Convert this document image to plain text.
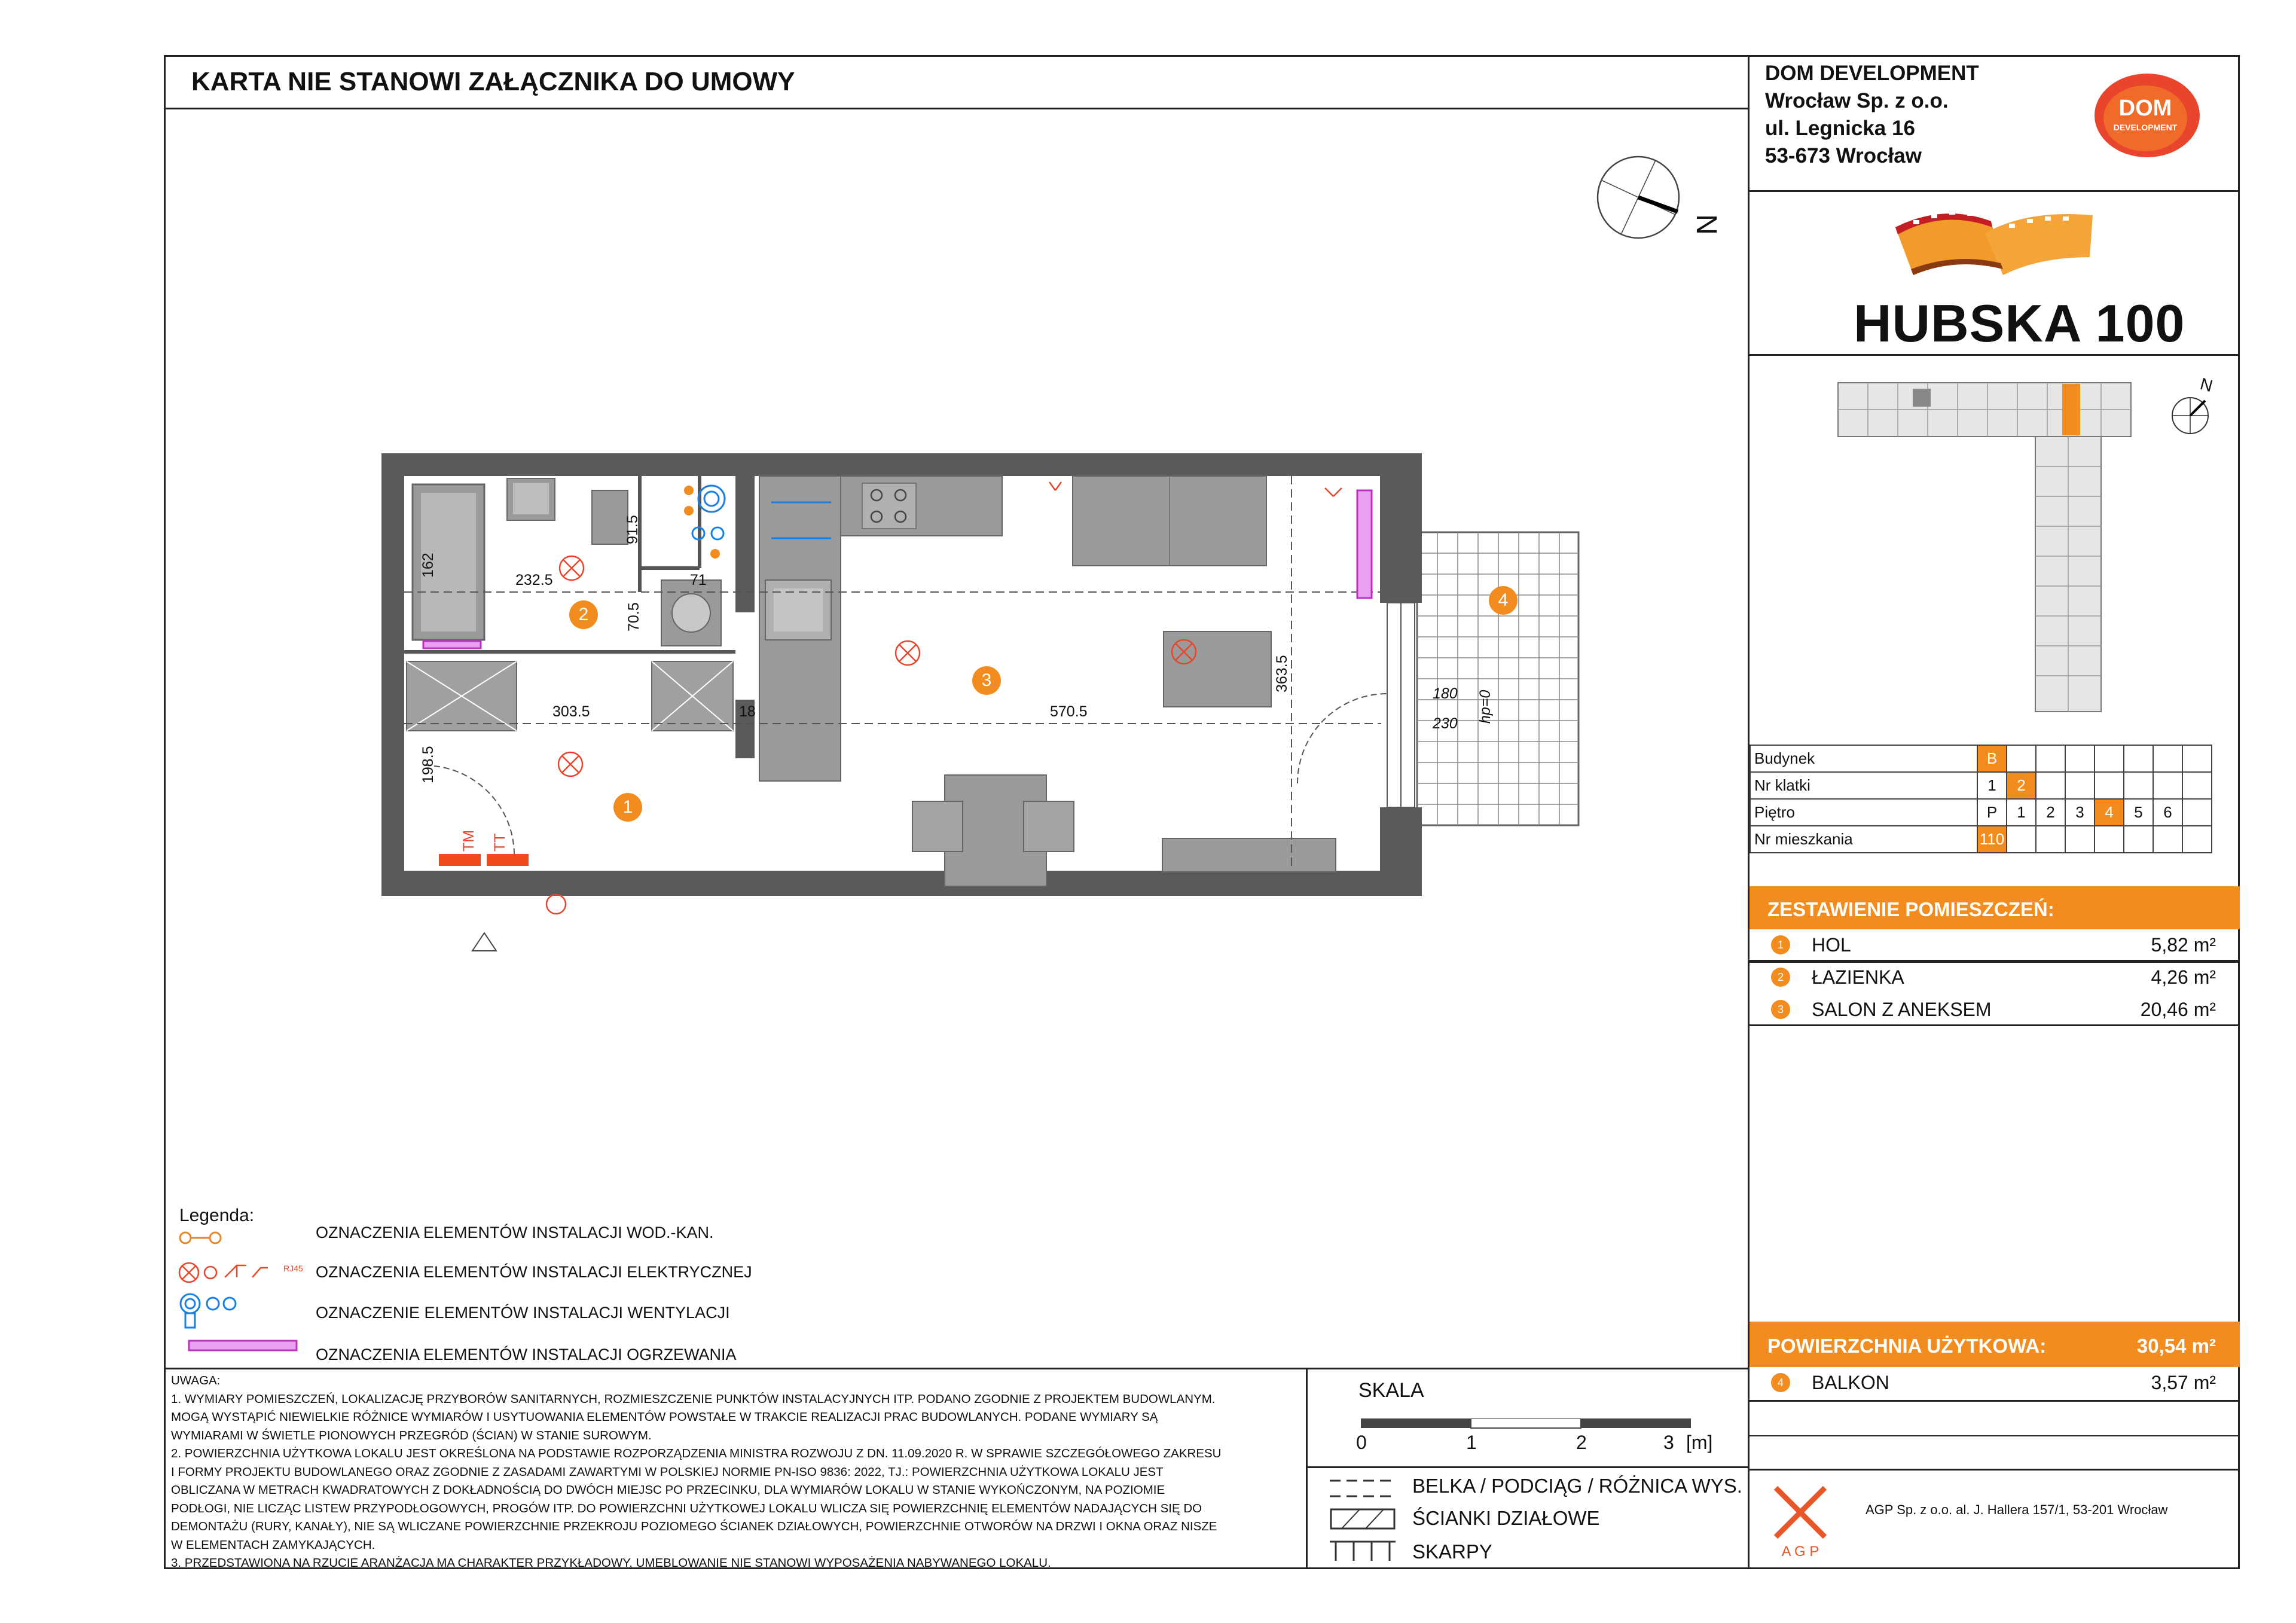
KARTA NIE STANOWI ZAŁĄCZNIKA DO UMOWY	DOM DEVELOPMENT
Wrocław Sp. z o.o.
ul. Legnicka 16
53-673 Wrocław
DOM
DEVELOPMENT
HUBSKA 100
N
Budynek	B							
Nr klatki	1	2						
Piętro	P	1	2	3	4	5	6	
Nr mieszkania	110							
ZESTAWIENIE POMIESZCZEŃ:
1	HOL	5,82 m²
2	ŁAZIENKA	4,26 m²
3	SALON Z ANEKSEM	20,46 m²
POWIERZCHNIA UŻYTKOWA:	30,54 m²
4	BALKON	3,57 m²
A G P
AGP Sp. z o.o. al. J. Hallera 157/1, 53-201 Wrocław
N
232.5	71
303.5	18	570.5
162
91.5
70.5
363.5
198.5
180
230 hp=0
TM TT
1
2
3
4
Legenda:
RJ45
OZNACZENIA ELEMENTÓW INSTALACJI WOD.-KAN.
OZNACZENIA ELEMENTÓW INSTALACJI ELEKTRYCZNEJ
OZNACZENIE ELEMENTÓW INSTALACJI WENTYLACJI
OZNACZENIA ELEMENTÓW INSTALACJI OGRZEWANIA
UWAGA:
1. WYMIARY POMIESZCZEŃ, LOKALIZACJĘ PRZYBORÓW SANITARNYCH, ROZMIESZCZENIE PUNKTÓW INSTALACYJNYCH ITP. PODANO ZGODNIE Z PROJEKTEM BUDOWLANYM.
MOGĄ WYSTĄPIĆ NIEWIELKIE RÓŻNICE WYMIARÓW I USYTUOWANIA ELEMENTÓW POWSTAŁE W TRAKCIE REALIZACJI PRAC BUDOWLANYCH. PODANE WYMIARY SĄ
WYMIARAMI W ŚWIETLE PIONOWYCH PRZEGRÓD (ŚCIAN) W STANIE SUROWYM.
2. POWIERZCHNIA UŻYTKOWA LOKALU JEST OKREŚLONA NA PODSTAWIE ROZPORZĄDZENIA MINISTRA ROZWOJU Z DN. 11.09.2020 R. W SPRAWIE SZCZEGÓŁOWEGO ZAKRESU
I FORMY PROJEKTU BUDOWLANEGO ORAZ ZGODNIE Z ZASADAMI ZAWARTYMI W POLSKIEJ NORMIE PN-ISO 9836: 2022, TJ.: POWIERZCHNIA UŻYTKOWA LOKALU JEST
OBLICZANA W METRACH KWADRATOWYCH Z DOKŁADNOŚCIĄ DO DWÓCH MIEJSC PO PRZECINKU, DLA WYMIARÓW LOKALU W STANIE WYKOŃCZONYM, NA POZIOMIE
PODŁOGI, NIE LICZĄC LISTEW PRZYPODŁOGOWYCH, PROGÓW ITP. DO POWIERZCHNI UŻYTKOWEJ LOKALU WLICZA SIĘ POWIERZCHNIĘ ELEMENTÓW NADAJĄCYCH SIĘ DO
DEMONTAŻU (RURY, KANAŁY), NIE SĄ WLICZANE POWIERZCHNIE PRZEKROJU POZIOMEGO ŚCIANEK DZIAŁOWYCH, POWIERZCHNIE OTWORÓW NA DRZWI I OKNA ORAZ NISZE
W ELEMENTACH ZAMYKAJĄCYCH.
3. PRZEDSTAWIONA NA RZUCIE ARANŻACJA MA CHARAKTER PRZYKŁADOWY, UMEBLOWANIE NIE STANOWI WYPOSAŻENIA NABYWANEGO LOKALU.
SKALA
0	1	2	3 [m]
BELKA / PODCIĄG / RÓŻNICA WYS.
ŚCIANKI DZIAŁOWE
SKARPY
